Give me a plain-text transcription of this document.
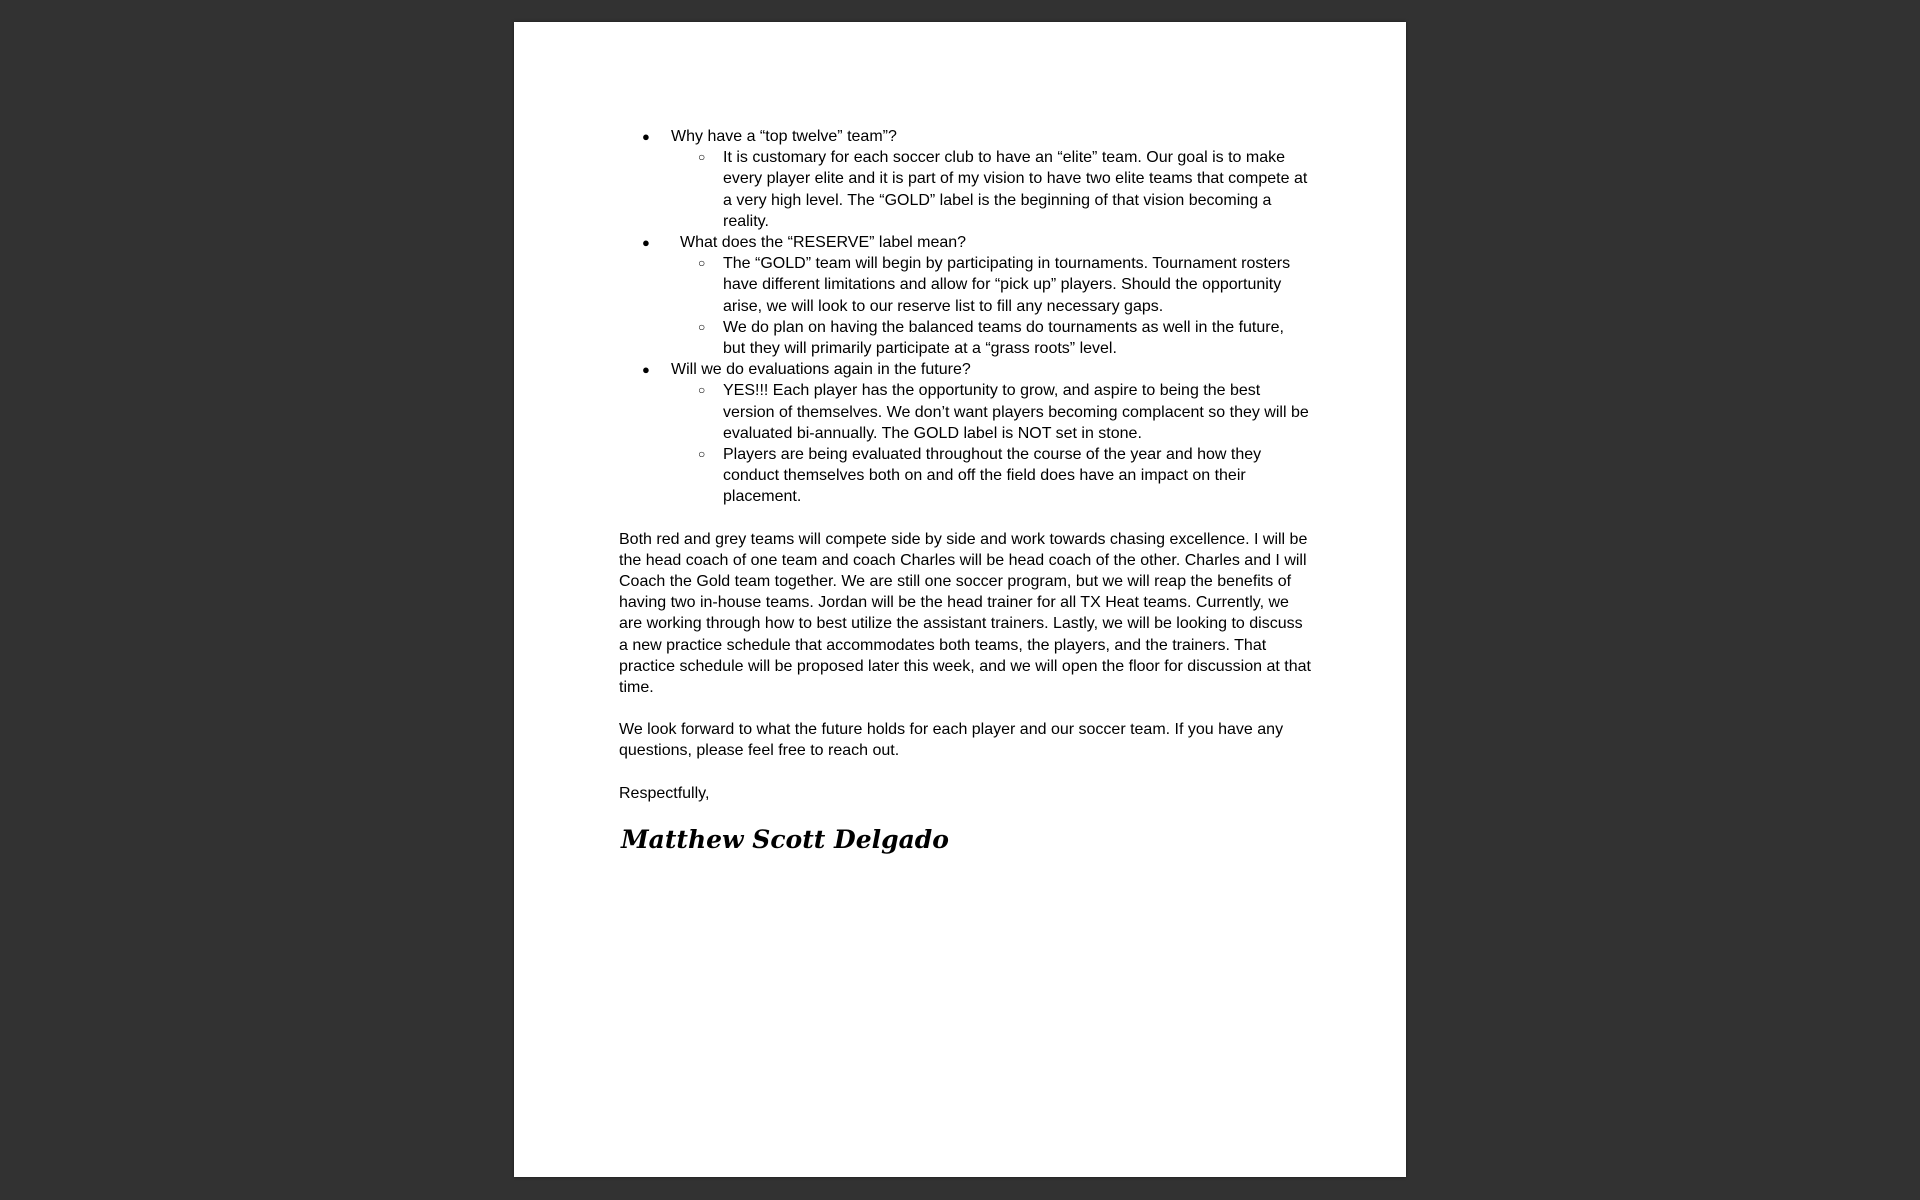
● Why have a “top twelve” team”?
○ It is customary for each soccer club to have an “elite” team. Our goal is to make every player elite and it is part of my vision to have two elite teams that compete at a very high level. The “GOLD” label is the beginning of that vision becoming a reality.
●	What does the “RESERVE” label mean?
○ The “GOLD” team will begin by participating in tournaments. Tournament rosters have different limitations and allow for “pick up” players. Should the opportunity arise, we will look to our reserve list to fill any necessary gaps.
○ We do plan on having the balanced teams do tournaments as well in the future, but they will primarily participate at a “grass roots” level.
● Will we do evaluations again in the future?
○ YES!!! Each player has the opportunity to grow, and aspire to being the best version of themselves. We don’t want players becoming complacent so they will be evaluated bi-annually. The GOLD label is NOT set in stone.
○ Players are being evaluated throughout the course of the year and how they conduct themselves both on and off the field does have an impact on their placement.

Both red and grey teams will compete side by side and work towards chasing excellence. I will be the head coach of one team and coach Charles will be head coach of the other. Charles and I will Coach the Gold team together. We are still one soccer program, but we will reap the benefits of having two in-house teams. Jordan will be the head trainer for all TX Heat teams. Currently, we are working through how to best utilize the assistant trainers. Lastly, we will be looking to discuss a new practice schedule that accommodates both teams, the players, and the trainers. That practice schedule will be proposed later this week, and we will open the floor for discussion at that time.

We look forward to what the future holds for each player and our soccer team. If you have any questions, please feel free to reach out.

Respectfully,

Matthew Scott Delgado
